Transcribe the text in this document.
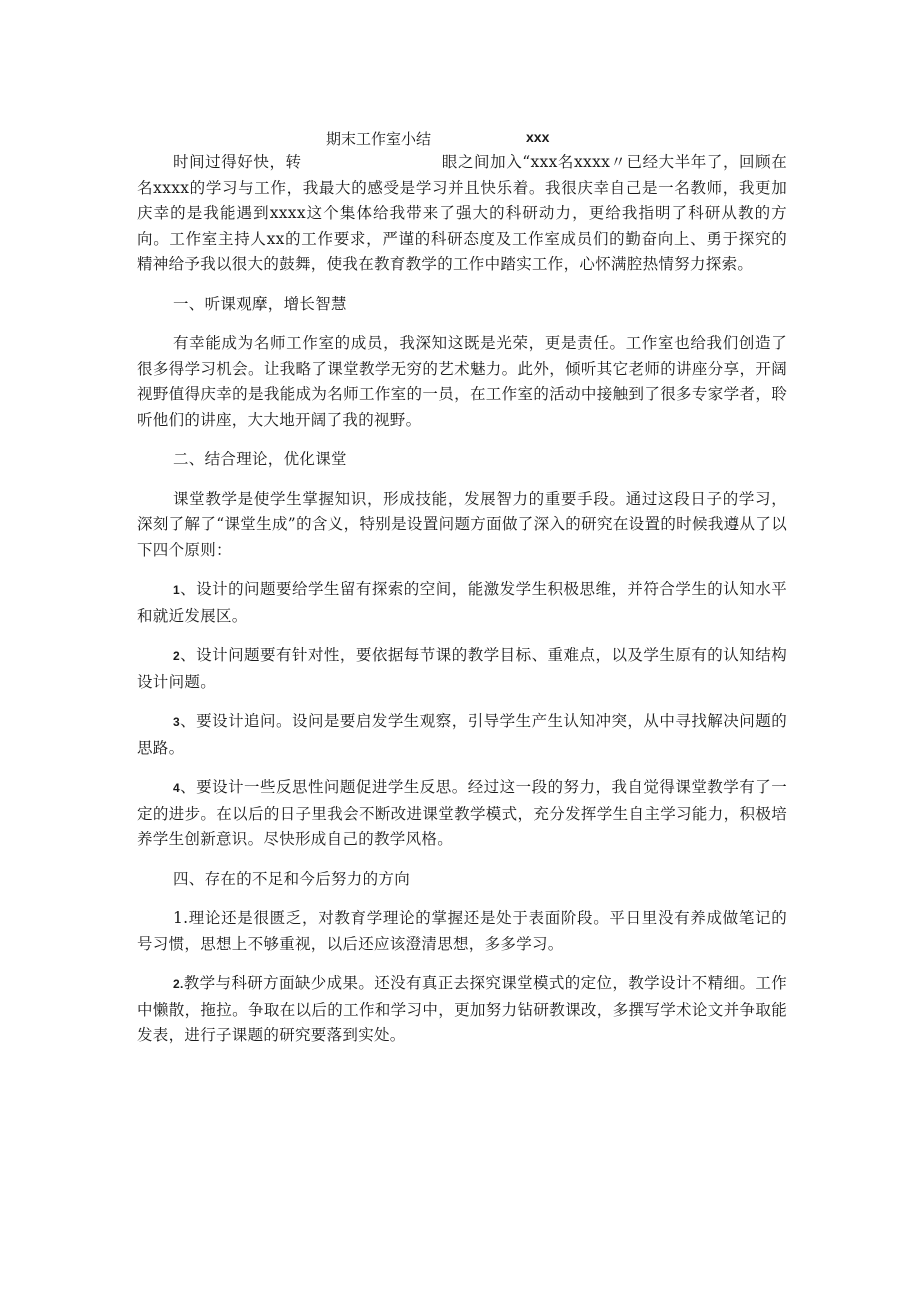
期末工作室小结	xxx

时间过得好快，转	眼之间加入“xxx名xxxx〃已经大半年了，回顾在名xxxx的学习与工作，我最大的感受是学习并且快乐着。我很庆幸自己是一名教师，我更加庆幸的是我能遇到xxxx这个集体给我带来了强大的科研动力，更给我指明了科研从教的方向。工作室主持人xx的工作要求，严谨的科研态度及工作室成员们的勤奋向上、勇于探究的精神给予我以很大的鼓舞，使我在教育教学的工作中踏实工作，心怀满腔热情努力探索。

一、听课观摩，增长智慧

有幸能成为名师工作室的成员，我深知这既是光荣，更是责任。工作室也给我们创造了很多得学习机会。让我略了课堂教学无穷的艺术魅力。此外，倾听其它老师的讲座分享，开阔视野值得庆幸的是我能成为名师工作室的一员，在工作室的活动中接触到了很多专家学者，聆听他们的讲座，大大地开阔了我的视野。

二、结合理论，优化课堂

课堂教学是使学生掌握知识，形成技能，发展智力的重要手段。通过这段日子的学习，深刻了解了“课堂生成”的含义，特别是设置问题方面做了深入的研究在设置的时候我遵从了以下四个原则：

1、设计的问题要给学生留有探索的空间，能激发学生积极思维，并符合学生的认知水平和就近发展区。

2、设计问题要有针对性，要依据每节课的教学目标、重难点，以及学生原有的认知结构设计问题。

3、要设计追问。设问是要启发学生观察，引导学生产生认知冲突，从中寻找解决问题的思路。

4、要设计一些反思性问题促进学生反思。经过这一段的努力，我自觉得课堂教学有了一定的进步。在以后的日子里我会不断改进课堂教学模式，充分发挥学生自主学习能力，积极培养学生创新意识。尽快形成自己的教学风格。

四、存在的不足和今后努力的方向

1.理论还是很匮乏，对教育学理论的掌握还是处于表面阶段。平日里没有养成做笔记的号习惯，思想上不够重视，以后还应该澄清思想，多多学习。

2.教学与科研方面缺少成果。还没有真正去探究课堂模式的定位，教学设计不精细。工作中懒散，拖拉。争取在以后的工作和学习中，更加努力钻研教课改，多撰写学术论文并争取能发表，进行子课题的研究要落到实处。
